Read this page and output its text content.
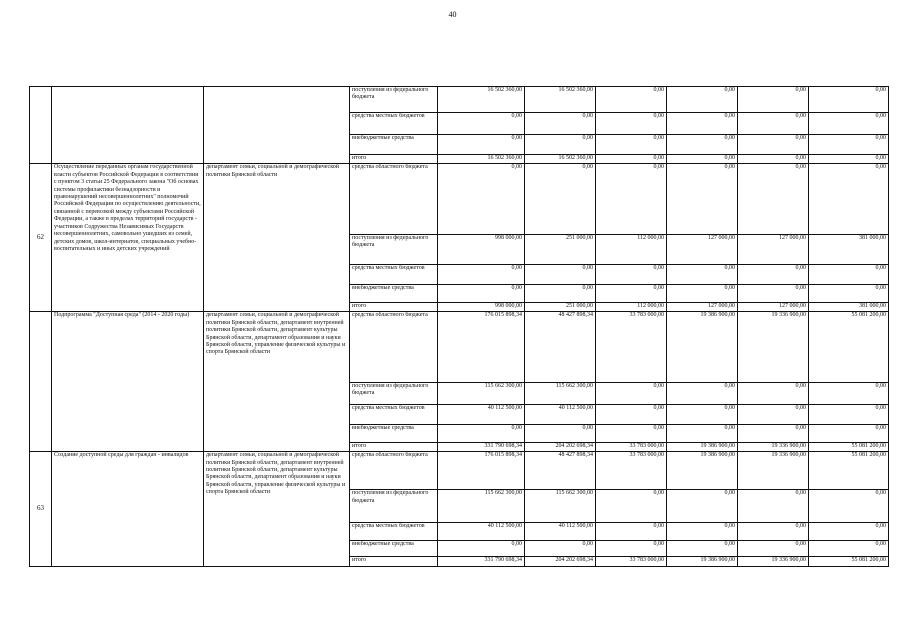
40
			поступления из федерального бюджета	16 502 360,00	16 502 360,00	0,00	0,00	0,00	0,00
			средства местных бюджетов	0,00	0,00	0,00	0,00	0,00	0,00
			внебюджетные средства	0,00	0,00	0,00	0,00	0,00	0,00
			итого	16 502 360,00	16 502 360,00	0,00	0,00	0,00	0,00
62	Осуществление переданных органам государственной власти субъектов Российской Федерации в соответствии с пунктом 3 статьи 25 Федерального закона "Об основах системы профилактики безнадзорности и правонарушений несовершеннолетних" полномочий Российской Федерации по осуществлению деятельности, связанной с перевозкой между субъектами Российской Федерации, а также в пределах территорий государств - участников Содружества Независимых Государств несовершеннолетних, самовольно ушедших из семей, детских домов, школ-интернатов, специальных учебно-воспитательных и иных детских учреждений	департамент семьи, социальной и демографической политики Брянской области	средства областного бюджета	0,00	0,00	0,00	0,00	0,00	0,00
			поступления из федерального бюджета	998 000,00	251 000,00	112 000,00	127 000,00	127 000,00	381 000,00
			средства местных бюджетов	0,00	0,00	0,00	0,00	0,00	0,00
			внебюджетные средства	0,00	0,00	0,00	0,00	0,00	0,00
			итого	998 000,00	251 000,00	112 000,00	127 000,00	127 000,00	381 000,00
	Подпрограмма "Доступная среда" (2014 - 2020 годы)	департамент семьи, социальной и демографической политики Брянской области, департамент внутренней политики Брянской области, департамент культуры Брянской области, департамент образования и науки Брянской области, управление физической культуры и спорта Брянской области	средства областного бюджета	176 015 898,34	48 427 898,34	33 783 000,00	19 386 900,00	19 336 900,00	55 081 200,00
			поступления из федерального бюджета	115 662 300,00	115 662 300,00	0,00	0,00	0,00	0,00
			средства местных бюджетов	40 112 500,00	40 112 500,00	0,00	0,00	0,00	0,00
			внебюджетные средства	0,00	0,00	0,00	0,00	0,00	0,00
			итого	331 790 698,34	204 202 698,34	33 783 000,00	19 386 900,00	19 336 900,00	55 081 200,00
63	Создание доступной среды для граждан - инвалидов	департамент семьи, социальной и демографической политики Брянской области, департамент внутренней политики Брянской области, департамент культуры Брянской области, департамент образования и науки Брянской области, управление физической культуры и спорта Брянской области	средства областного бюджета	176 015 898,34	48 427 898,34	33 783 000,00	19 386 900,00	19 336 900,00	55 081 200,00
			поступления из федерального бюджета	115 662 300,00	115 662 300,00	0,00	0,00	0,00	0,00
			средства местных бюджетов	40 112 500,00	40 112 500,00	0,00	0,00	0,00	0,00
			внебюджетные средства	0,00	0,00	0,00	0,00	0,00	0,00
			итого	331 790 698,34	204 202 698,34	33 783 000,00	19 386 900,00	19 336 900,00	55 081 200,00
